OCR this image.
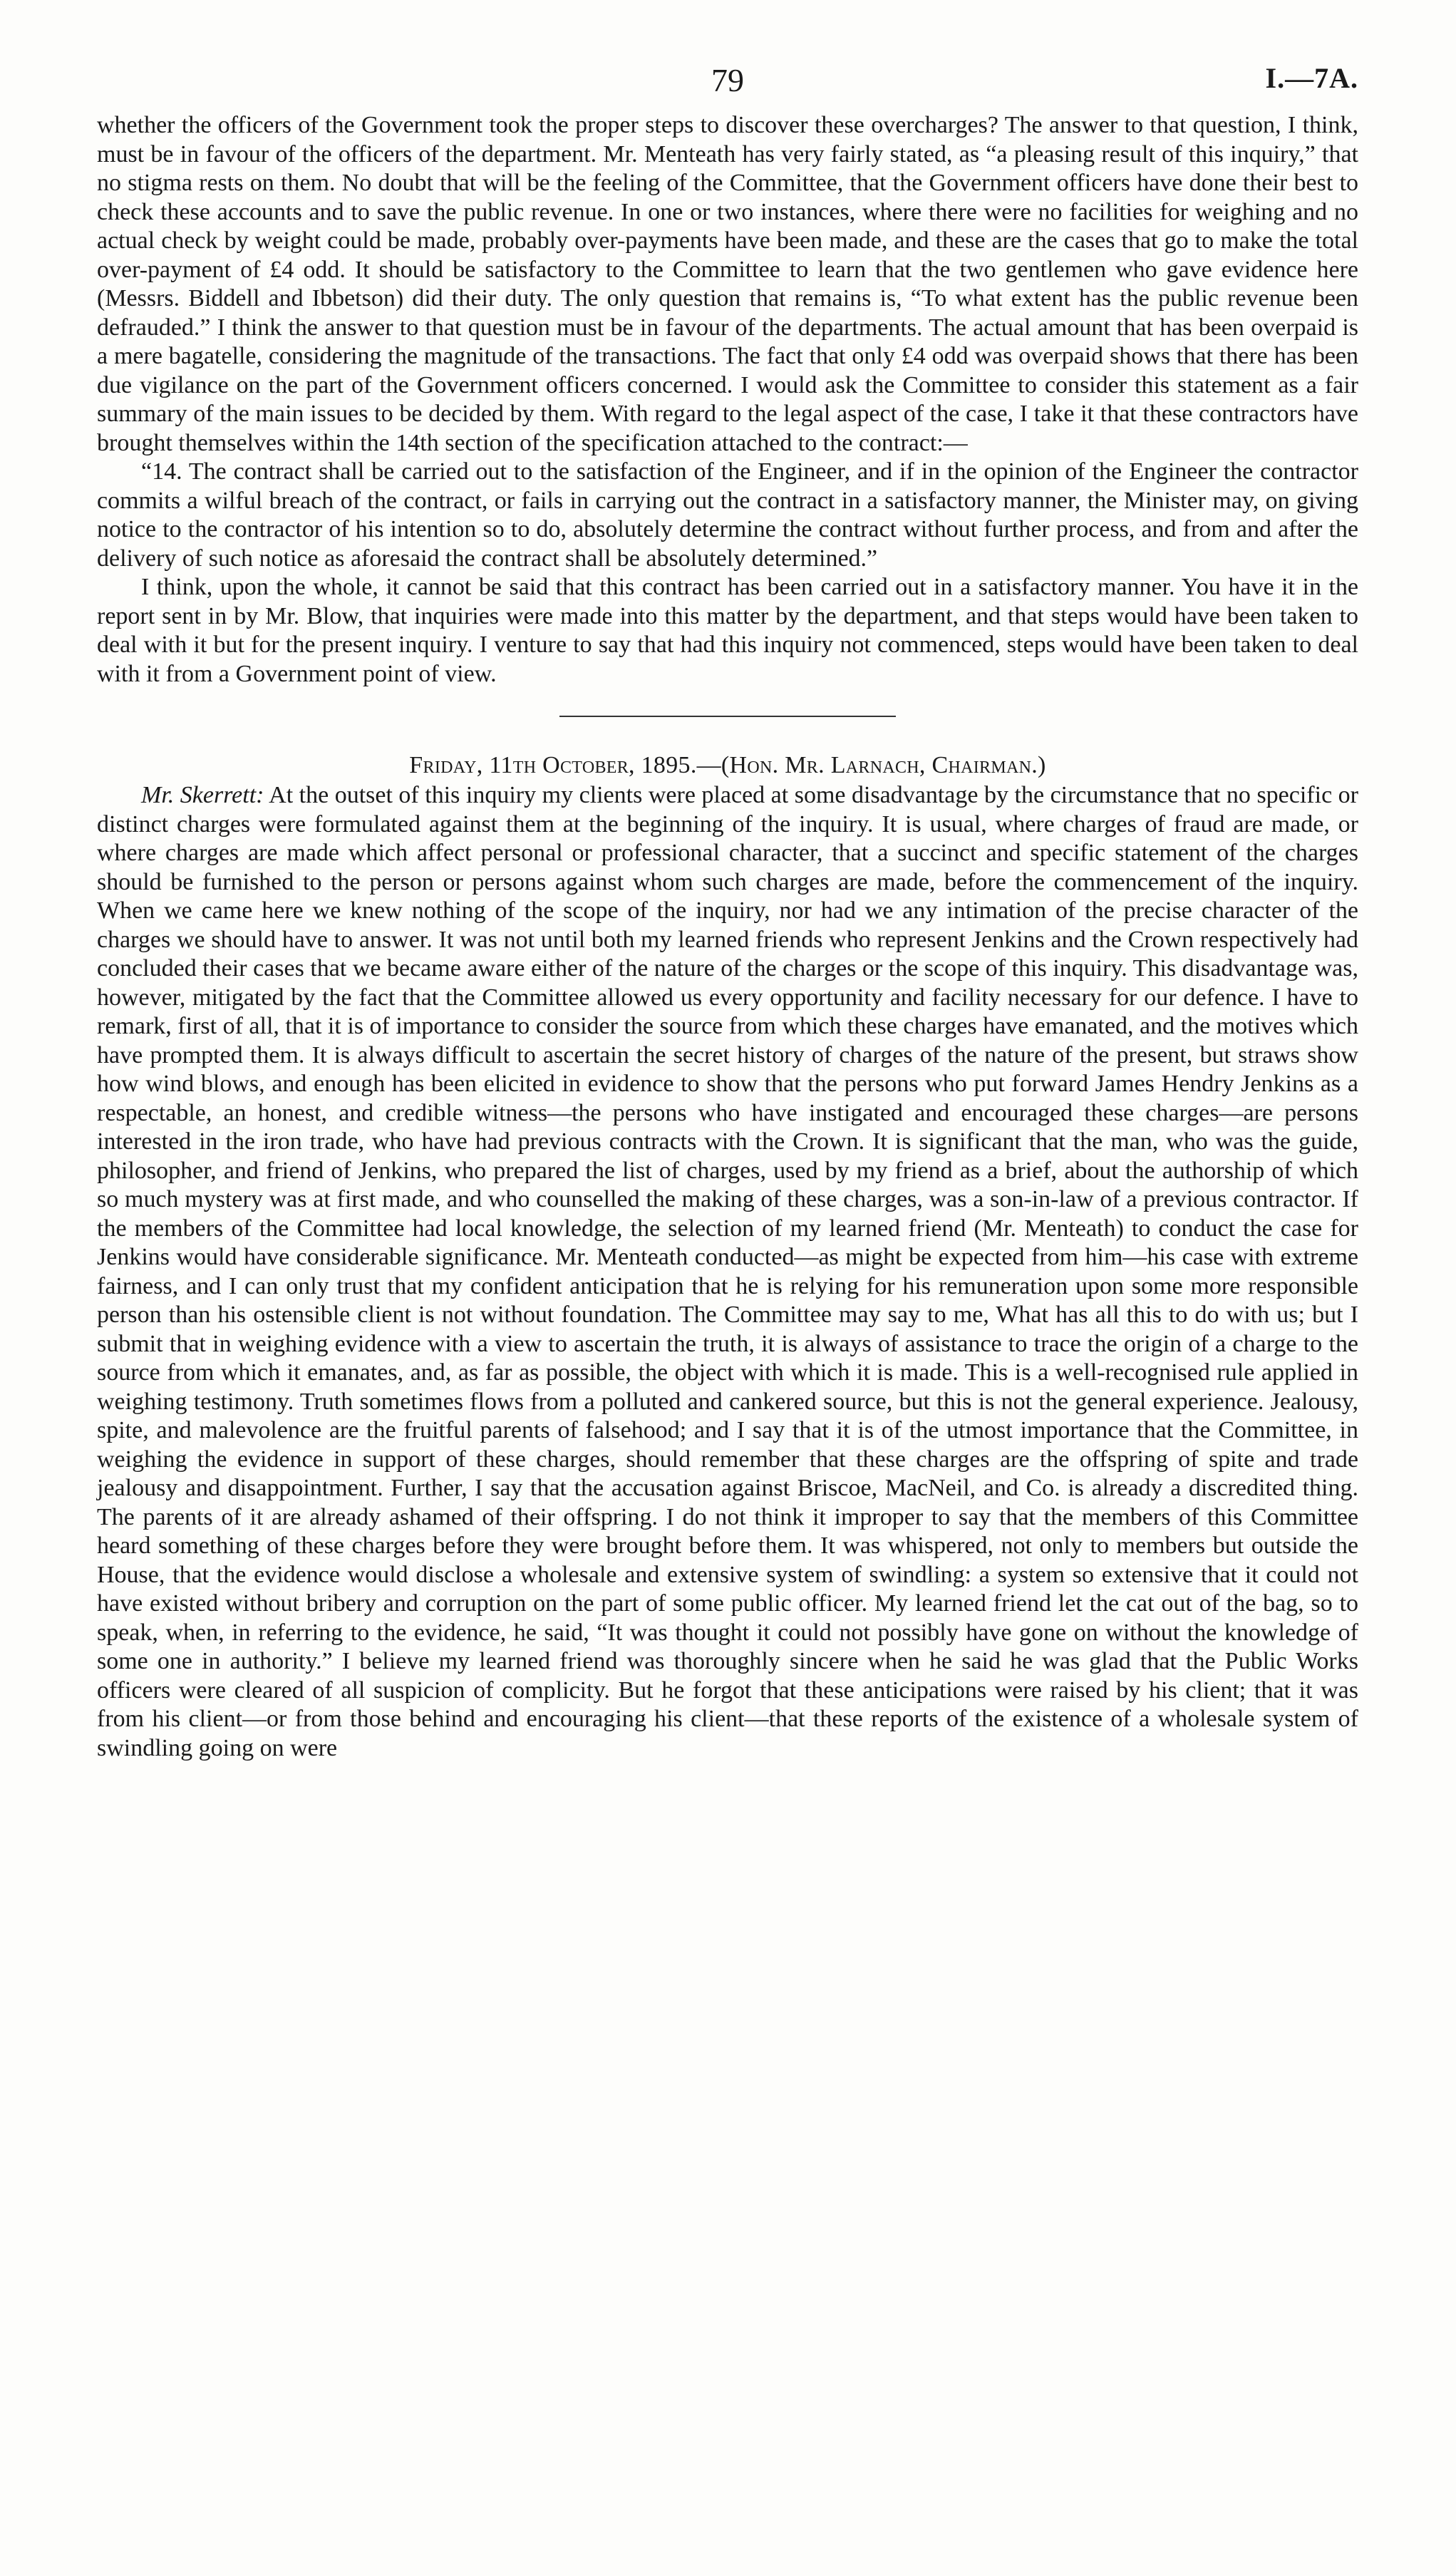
79	I.—7A.

whether the officers of the Government took the proper steps to discover these overcharges? The answer to that question, I think, must be in favour of the officers of the department. Mr. Menteath has very fairly stated, as “a pleasing result of this inquiry,” that no stigma rests on them. No doubt that will be the feeling of the Committee, that the Government officers have done their best to check these accounts and to save the public revenue. In one or two instances, where there were no facilities for weighing and no actual check by weight could be made, probably over-payments have been made, and these are the cases that go to make the total over-payment of £4 odd. It should be satisfactory to the Committee to learn that the two gentlemen who gave evidence here (Messrs. Biddell and Ibbetson) did their duty. The only question that remains is, “To what extent has the public revenue been defrauded.” I think the answer to that question must be in favour of the departments. The actual amount that has been overpaid is a mere bagatelle, considering the magnitude of the transactions. The fact that only £4 odd was overpaid shows that there has been due vigilance on the part of the Government officers concerned. I would ask the Committee to consider this statement as a fair summary of the main issues to be decided by them. With regard to the legal aspect of the case, I take it that these contractors have brought themselves within the 14th section of the specification attached to the contract:—

“14. The contract shall be carried out to the satisfaction of the Engineer, and if in the opinion of the Engineer the contractor commits a wilful breach of the contract, or fails in carrying out the contract in a satisfactory manner, the Minister may, on giving notice to the contractor of his intention so to do, absolutely determine the contract without further process, and from and after the delivery of such notice as aforesaid the contract shall be absolutely determined.”

I think, upon the whole, it cannot be said that this contract has been carried out in a satisfactory manner. You have it in the report sent in by Mr. Blow, that inquiries were made into this matter by the department, and that steps would have been taken to deal with it but for the present inquiry. I venture to say that had this inquiry not commenced, steps would have been taken to deal with it from a Government point of view.

Friday, 11th October, 1895.—(Hon. Mr. Larnach, Chairman.)

Mr. Skerrett: At the outset of this inquiry my clients were placed at some disadvantage by the circumstance that no specific or distinct charges were formulated against them at the beginning of the inquiry. It is usual, where charges of fraud are made, or where charges are made which affect personal or professional character, that a succinct and specific statement of the charges should be furnished to the person or persons against whom such charges are made, before the commencement of the inquiry. When we came here we knew nothing of the scope of the inquiry, nor had we any intimation of the precise character of the charges we should have to answer. It was not until both my learned friends who represent Jenkins and the Crown respectively had concluded their cases that we became aware either of the nature of the charges or the scope of this inquiry. This disadvantage was, however, mitigated by the fact that the Committee allowed us every opportunity and facility necessary for our defence. I have to remark, first of all, that it is of importance to consider the source from which these charges have emanated, and the motives which have prompted them. It is always difficult to ascertain the secret history of charges of the nature of the present, but straws show how wind blows, and enough has been elicited in evidence to show that the persons who put forward James Hendry Jenkins as a respectable, an honest, and credible witness—the persons who have instigated and encouraged these charges—are persons interested in the iron trade, who have had previous contracts with the Crown. It is significant that the man, who was the guide, philosopher, and friend of Jenkins, who prepared the list of charges, used by my friend as a brief, about the authorship of which so much mystery was at first made, and who counselled the making of these charges, was a son-in-law of a previous contractor. If the members of the Committee had local knowledge, the selection of my learned friend (Mr. Menteath) to conduct the case for Jenkins would have considerable significance. Mr. Menteath conducted—as might be expected from him—his case with extreme fairness, and I can only trust that my confident anticipation that he is relying for his remuneration upon some more responsible person than his ostensible client is not without foundation. The Committee may say to me, What has all this to do with us; but I submit that in weighing evidence with a view to ascertain the truth, it is always of assistance to trace the origin of a charge to the source from which it emanates, and, as far as possible, the object with which it is made. This is a well-recognised rule applied in weighing testimony. Truth sometimes flows from a polluted and cankered source, but this is not the general experience. Jealousy, spite, and malevolence are the fruitful parents of falsehood; and I say that it is of the utmost importance that the Committee, in weighing the evidence in support of these charges, should remember that these charges are the offspring of spite and trade jealousy and disappointment. Further, I say that the accusation against Briscoe, MacNeil, and Co. is already a discredited thing. The parents of it are already ashamed of their offspring. I do not think it improper to say that the members of this Committee heard something of these charges before they were brought before them. It was whispered, not only to members but outside the House, that the evidence would disclose a wholesale and extensive system of swindling: a system so extensive that it could not have existed without bribery and corruption on the part of some public officer. My learned friend let the cat out of the bag, so to speak, when, in referring to the evidence, he said, “It was thought it could not possibly have gone on without the knowledge of some one in authority.” I believe my learned friend was thoroughly sincere when he said he was glad that the Public Works officers were cleared of all suspicion of complicity. But he forgot that these anticipations were raised by his client; that it was from his client—or from those behind and encouraging his client—that these reports of the existence of a wholesale system of swindling going on were
